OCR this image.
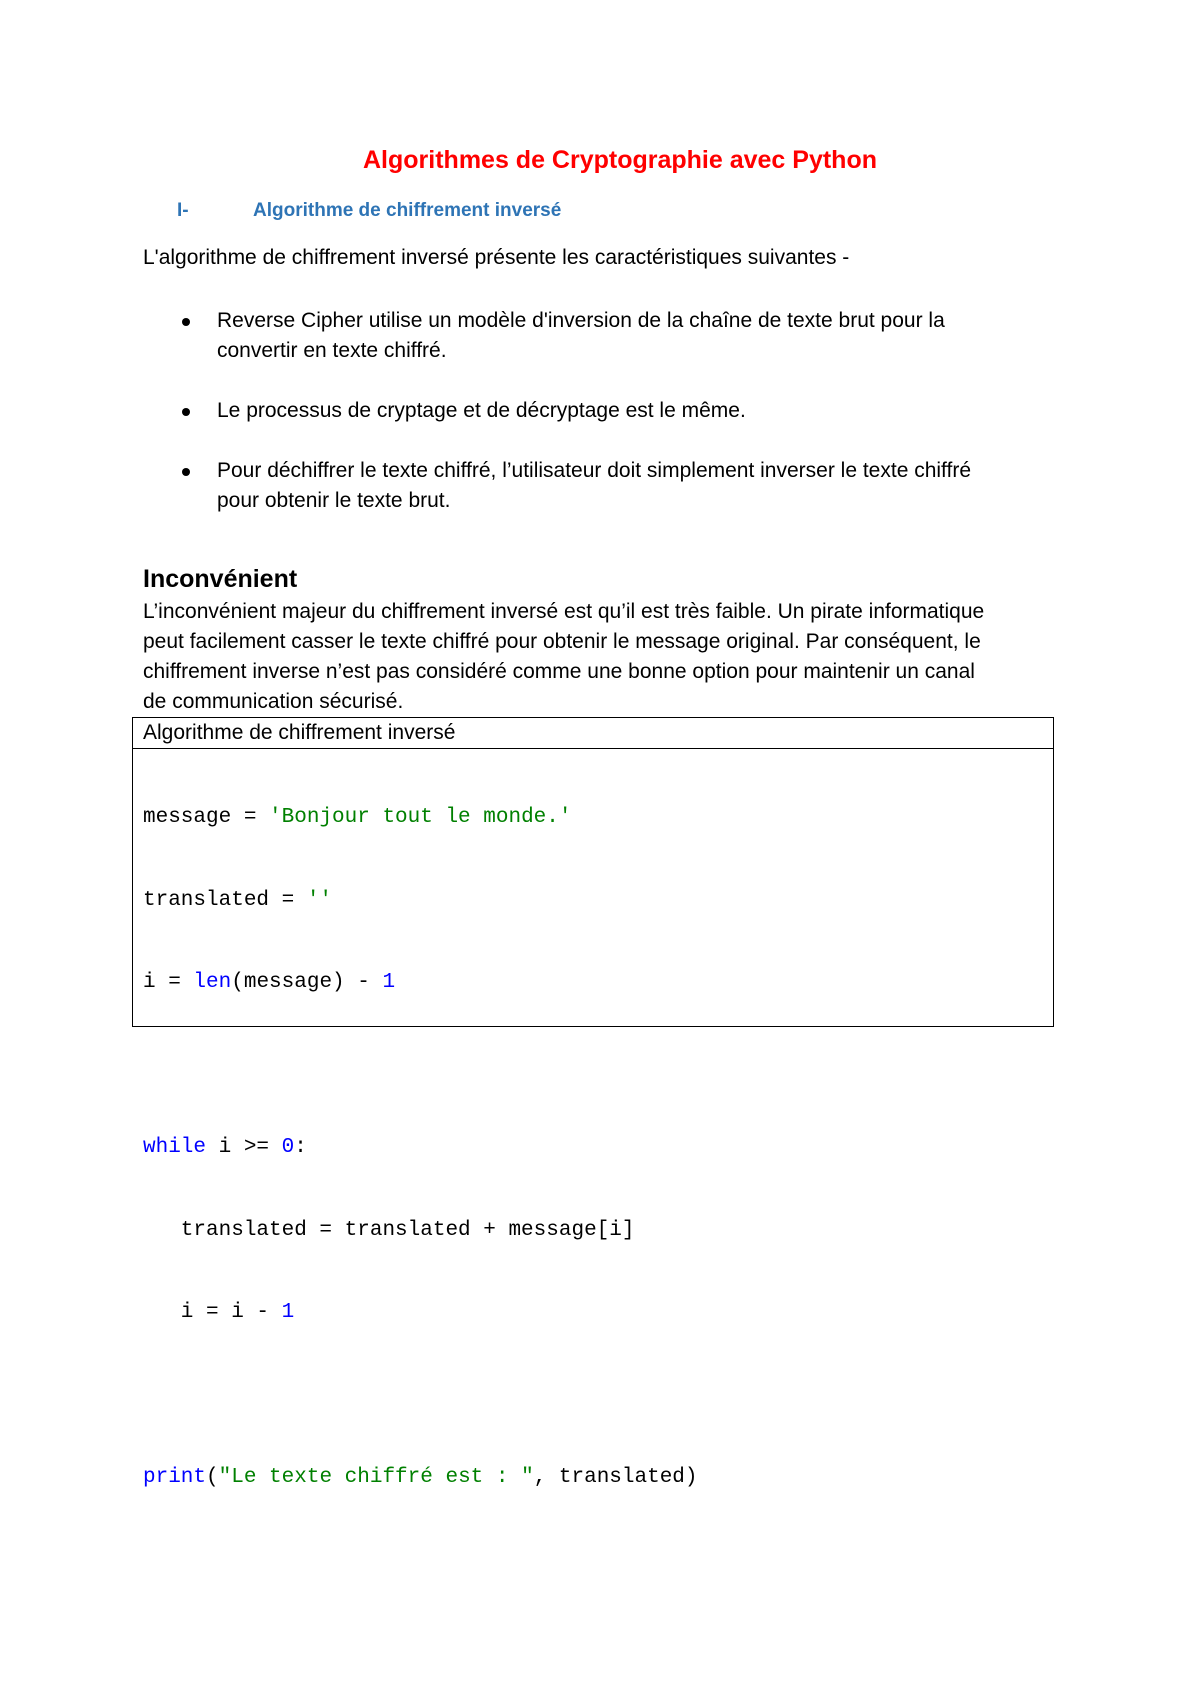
Algorithmes de Cryptographie avec Python
I-	Algorithme de chiffrement inversé
L'algorithme de chiffrement inversé présente les caractéristiques suivantes -
Reverse Cipher utilise un modèle d'inversion de la chaîne de texte brut pour la
convertir en texte chiffré.
Le processus de cryptage et de décryptage est le même.
Pour déchiffrer le texte chiffré, l’utilisateur doit simplement inverser le texte chiffré
pour obtenir le texte brut.
Inconvénient
L’inconvénient majeur du chiffrement inversé est qu’il est très faible. Un pirate informatique
peut facilement casser le texte chiffré pour obtenir le message original. Par conséquent, le
chiffrement inverse n’est pas considéré comme une bonne option pour maintenir un canal
de communication sécurisé.
Algorithme de chiffrement inversé

message = 'Bonjour tout le monde.'

translated = ''

i = len(message) - 1

while i >= 0:

translated = translated + message[i]

i = i - 1

print("Le texte chiffré est : ", translated)
